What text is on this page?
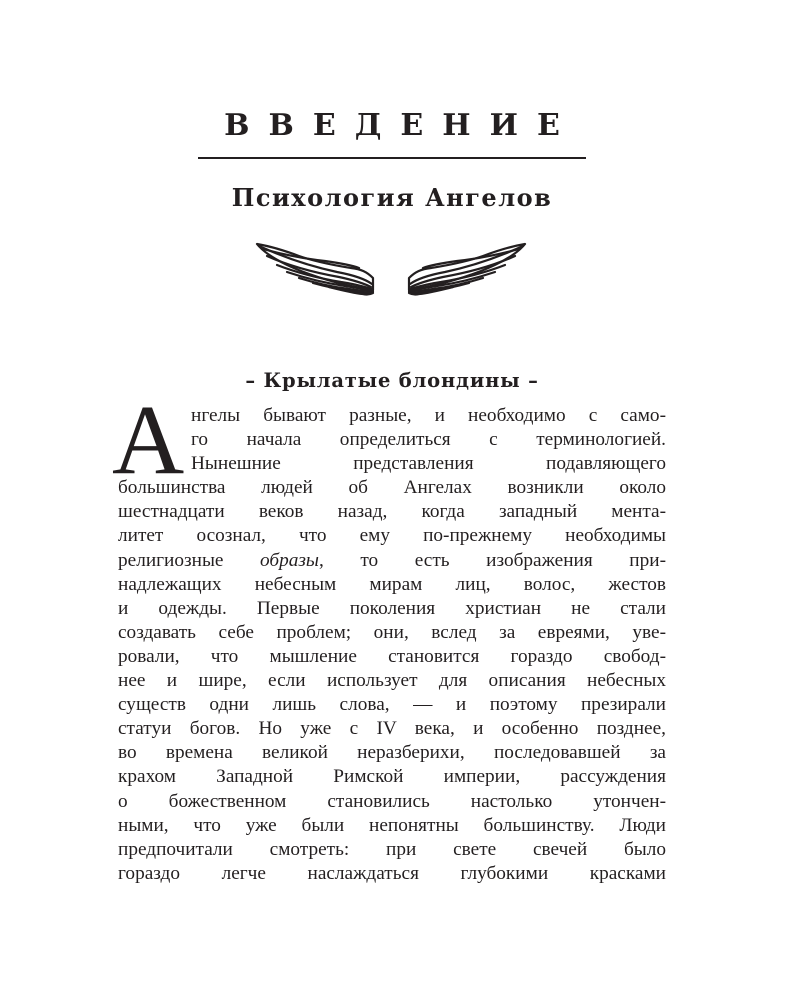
ВВЕДЕНИЕ
Психология Ангелов
– Крылатые блондины –
А нгелы бывают разные, и необходимо с само-
го начала определиться с терминологией.
Нынешние представления подавляющего
большинства людей об Ангелах возникли около
шестнадцати веков назад, когда западный мента-
литет осознал, что ему по-прежнему необходимы
религиозные образы, то есть изображения при-
надлежащих небесным мирам лиц, волос, жестов
и одежды. Первые поколения христиан не стали
создавать себе проблем; они, вслед за евреями, уве-
ровали, что мышление становится гораздо свобод-
нее и шире, если использует для описания небесных
существ одни лишь слова, — и поэтому презирали
статуи богов. Но уже с IV века, и особенно позднее,
во времена великой неразберихи, последовавшей за
крахом Западной Римской империи, рассуждения
о божественном становились настолько утончен-
ными, что уже были непонятны большинству. Люди
предпочитали смотреть: при свете свечей было
гораздо легче наслаждаться глубокими красками
